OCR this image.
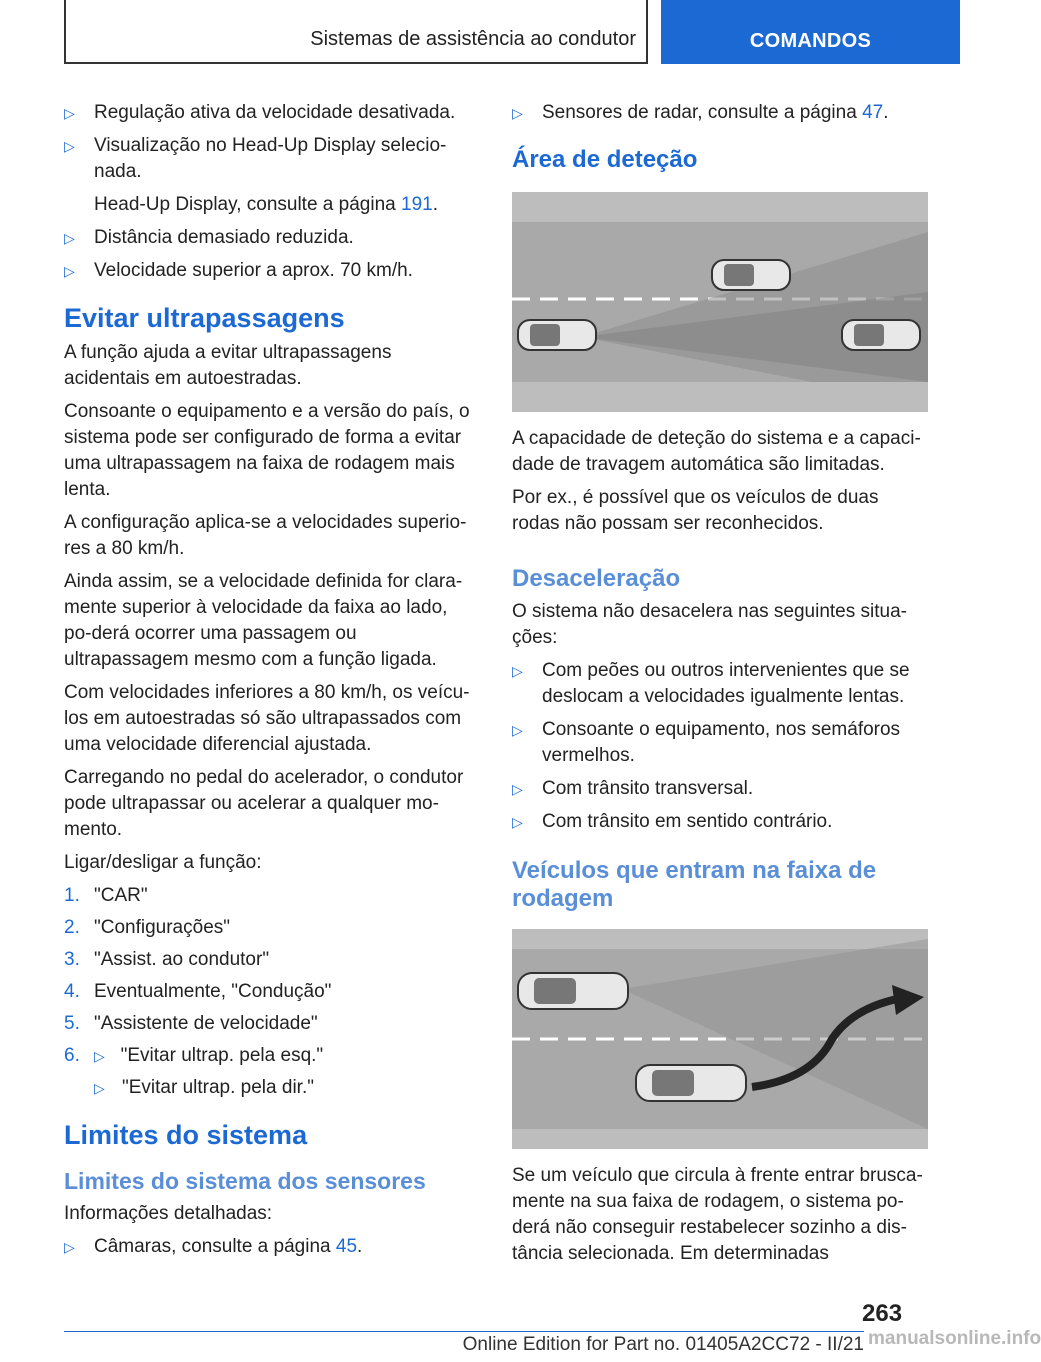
Sistemas de assistência ao condutor	COMANDOS
▷ Regulação ativa da velocidade desativada.
▷ Visualização no Head-Up Display selecio-nada.
Head-Up Display, consulte a página 191.
▷ Distância demasiado reduzida.
▷ Velocidade superior a aprox. 70 km/h.
Evitar ultrapassagens
A função ajuda a evitar ultrapassagens acidentais em autoestradas.
Consoante o equipamento e a versão do país, o sistema pode ser configurado de forma a evitar uma ultrapassagem na faixa de rodagem mais lenta.
A configuração aplica-se a velocidades superio-res a 80 km/h.
Ainda assim, se a velocidade definida for clara-mente superior à velocidade da faixa ao lado, po-derá ocorrer uma passagem ou ultrapassagem mesmo com a função ligada.
Com velocidades inferiores a 80 km/h, os veícu-los em autoestradas só são ultrapassados com uma velocidade diferencial ajustada.
Carregando no pedal do acelerador, o condutor pode ultrapassar ou acelerar a qualquer mo-mento.
Ligar/desligar a função:
1. "CAR"
2. "Configurações"
3. "Assist. ao condutor"
4. Eventualmente, "Condução"
5. "Assistente de velocidade"
6. ▷ "Evitar ultrap. pela esq."
▷ "Evitar ultrap. pela dir."
Limites do sistema
Limites do sistema dos sensores
Informações detalhadas:
▷ Câmaras, consulte a página 45.
▷ Sensores de radar, consulte a página 47.
Área de deteção
A capacidade de deteção do sistema e a capaci-dade de travagem automática são limitadas.
Por ex., é possível que os veículos de duas rodas não possam ser reconhecidos.
Desaceleração
O sistema não desacelera nas seguintes situa-ções:
▷ Com peões ou outros intervenientes que se deslocam a velocidades igualmente lentas.
▷ Consoante o equipamento, nos semáforos vermelhos.
▷ Com trânsito transversal.
▷ Com trânsito em sentido contrário.
Veículos que entram na faixa de rodagem
Se um veículo que circula à frente entrar brusca-mente na sua faixa de rodagem, o sistema po-derá não conseguir restabelecer sozinho a dis-tância selecionada. Em determinadas
263
Online Edition for Part no. 01405A2CC72 - II/21 manualsonline.info
